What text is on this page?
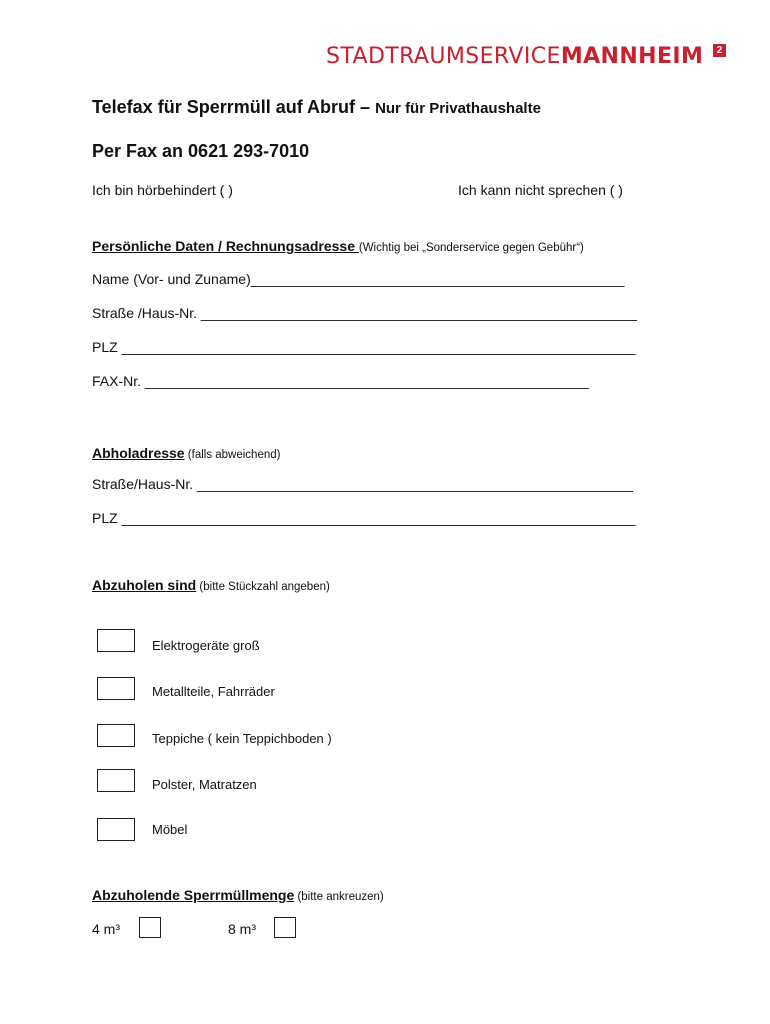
STADTRAUMSERVICEMANNHEIM	2
Telefax für Sperrmüll auf Abruf – Nur für Privathaushalte
Per Fax an 0621 293-7010
Ich bin hörbehindert ( )	Ich kann nicht sprechen ( )
Persönliche Daten / Rechnungsadresse (Wichtig bei „Sonderservice gegen Gebühr“)
Name (Vor- und Zuname)________________________________________________
Straße /Haus-Nr. ________________________________________________________
PLZ __________________________________________________________________
FAX-Nr. _________________________________________________________
Abholadresse (falls abweichend)
Straße/Haus-Nr. ________________________________________________________
PLZ __________________________________________________________________
Abzuholen sind (bitte Stückzahl angeben)
Elektrogeräte groß
Metallteile, Fahrräder
Teppiche ( kein Teppichboden )
Polster, Matratzen
Möbel
Abzuholende Sperrmüllmenge (bitte ankreuzen)
4 m³	8 m³
